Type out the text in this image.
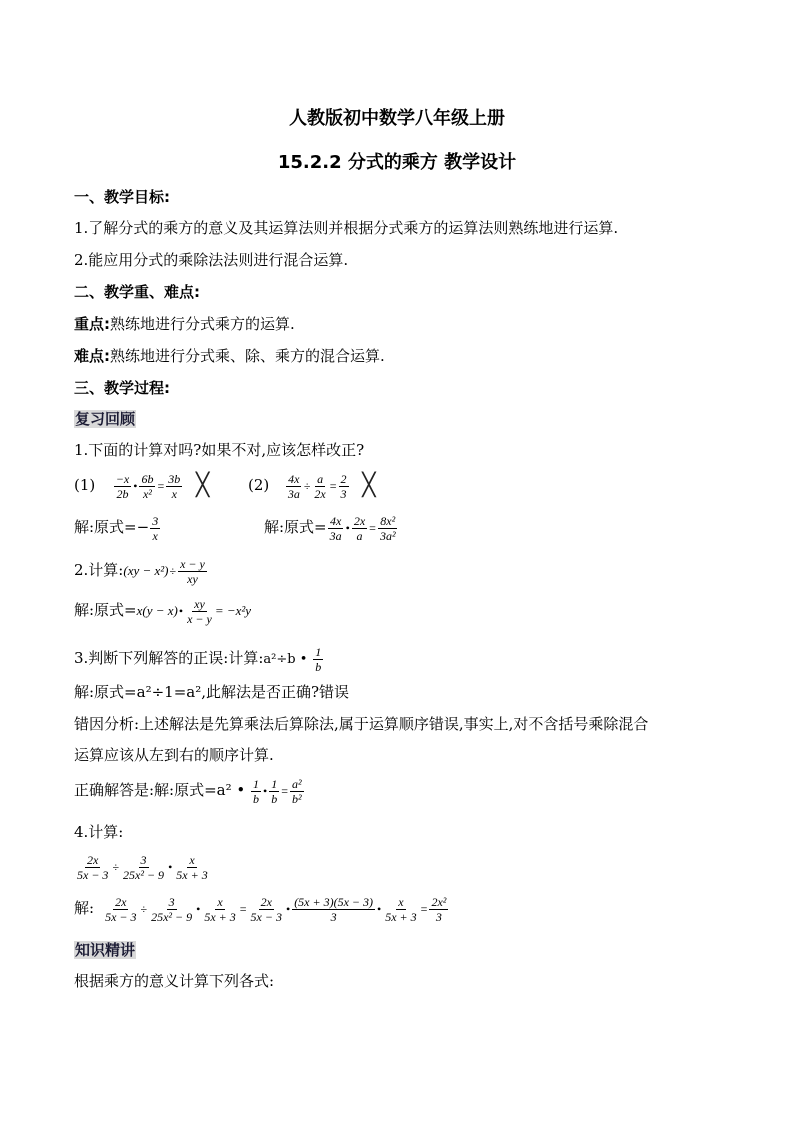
人教版初中数学八年级上册
15.2.2 分式的乘方 教学设计
一、教学目标:
1.了解分式的乘方的意义及其运算法则并根据分式乘方的运算法则熟练地进行运算.
2.能应用分式的乘除法法则进行混合运算.
二、教学重、难点:
重点:熟练地进行分式乘方的运算.
难点:熟练地进行分式乘、除、乘方的混合运算.
三、教学过程:
复习回顾
1.下面的计算对吗?如果不对,应该怎样改正?
$(1) \frac{-x}{2b}$ • $\frac{6b}{\text{x²}} = \frac{3b}{x}$ ╳	$(2) \frac{4x}{3a} \div \frac{a}{2x} = \frac{2}{3}$ ╳
解:原式=− $\frac{3}{x}$	解:原式= $\frac{4x}{3a}$ • $\frac{2x}{a} = \frac{\text{8x²}}{\text{3a²}}$
2.计算:(xy − $x^2)\div \frac{x - y}{xy}$
解:原式=x(y − x)• $\frac{xy}{x - y} = -x^2y$
3.判断下列解答的正误:计算:a²÷b • $\frac{1}{b}$
解:原式=a²÷1=a²,此解法是否正确?错误
错因分析:上述解法是先算乘法后算除法,属于运算顺序错误,事实上,对不含括号乘除混合
运算应该从左到右的顺序计算.
正确解答是:解:原式=a² • $\frac{1}{b}$ • $\frac{1}{b} = \frac{\text{a²}}{\text{b²}}$
4.计算:
$\frac{2x}{5x - 3} \div \frac{3}{\text{25x² − 9}}$ • $\frac{x}{5x + 3}$
解: $\frac{2x}{5x - 3} \div \frac{3}{\text{25x² − 9}}$ • $\frac{x}{5x + 3} = \frac{2x}{5x - 3}$ • $\frac{(5x + 3)(5x - 3)}{3}$ • $\frac{x}{5x + 3} = \frac{\text{2x²}}{3}$
知识精讲
根据乘方的意义计算下列各式:
